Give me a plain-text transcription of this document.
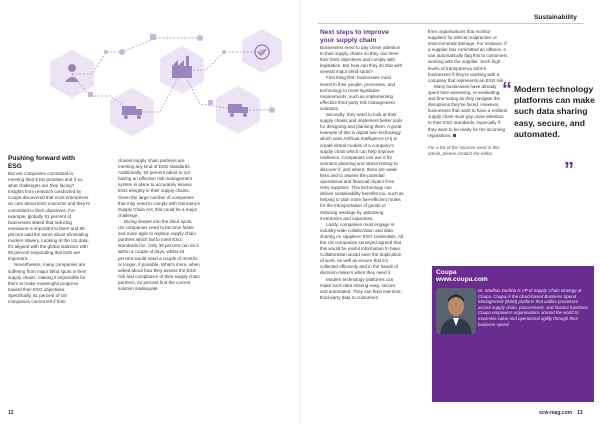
Sustainability
Pushing forward with ESG

But are companies committed to meeting their ESG priorities and if so, what challenges are they facing? Insights from research conducted by Coupa discovered that most enterprises do care about ESG concerns and they're committed to their objectives. For example, globally 91 percent of businesses stated that reducing emissions is important to them and 89 percent said the same about eliminating modern slavery. Looking at the US data, it's aligned with the global statistics with 89 percent responding that both are important.

Nevertheless, many companies are suffering from major blind spots in their supply chains, making it impossible for them to make meaningful progress toward their ESG objectives. Specifically, 61 percent of US companies cannot tell if their

closest supply chain partners are meeting any kind of ESG standards. Additionally, 53 percent admit to not having an effective risk management system in place to accurately assess ESG integrity in their supply chains. Given the large number of companies that may need to comply with Germany's Supply Chain Act, this could be a major challenge.

Diving deeper into the blind spots, US companies need to become faster and more agile to replace supply chain partners which fail to meet ESG standards too. Only 36 percent can do it within a couple of days, whilst 43 percent would need a couple of months or longer, if possible. What's more, when asked about how they assess the ESG risk and compliance of their supply chain partners, 61 percent find the current solution inadequate.

Next steps to improve your supply chain

Businesses need to pay closer attention to their supply chains so they can meet their ESG objectives and comply with legislation. But how can they do that with several major blind spots?

First thing first: businesses must invest in their people, processes, and technology to meet legislative requirements, such as implementing effective third-party risk management solutions.

Secondly, they need to look at their supply chains and implement better tools for designing and planning them. A great example of this is digital twin technology which uses Artificial Intelligence (AI) to create virtual models of a company's supply chain which can help improve resilience. Companies can use it for scenario planning and stress testing to discover if, and where, there are weak links and to assess the potential operational and financial impact from risky suppliers. This technology can deliver sustainability benefits too, such as helping to plan more fuel-efficient routes for the transportation of goods or reducing wastage by optimising inventories and capacities.

Lastly, companies must engage in industry-wide collaboration and data sharing on suppliers' ESG credentials. All the US companies surveyed agreed that this would be useful information to have. Collaboration would save the duplication of work, as well as ensure that it's collected efficiently and in the hands of decision-makers when they need it.

Modern technology platforms can make such data sharing easy, secure, and automated. They can feed real-time, third-party data to customers

from organisations that monitor suppliers for ethical malpractice or environmental damage. For instance, if a supplier has committed an offence, it can automatically flag this to customers working with the supplier. Such high levels of transparency inform businesses if they're working with a company that represents an ESG risk.

Many businesses have already spent time assessing, re-evaluating, and fine-tuning as they navigate the disruptions they've faced. However, businesses that want to have a resilient supply chain must pay close attention to their ESG standards, especially if they want to be ready for the incoming regulations.

For a list of the sources used in this article, please contact the editor.

“ Modern technology platforms can make such data sharing easy, secure, and automated.
”
Coupa
www.coupa.com
Dr. Madhav Durbha is VP of Supply Chain strategy at Coupa. Coupa is the cloud-based Business Spend Management (BSM) platform that unifies processes across supply chain, procurement, and finance functions. Coupa empowers organisations around the world to maximise value and operational agility through their business spend.
12	scw-mag.com 13
